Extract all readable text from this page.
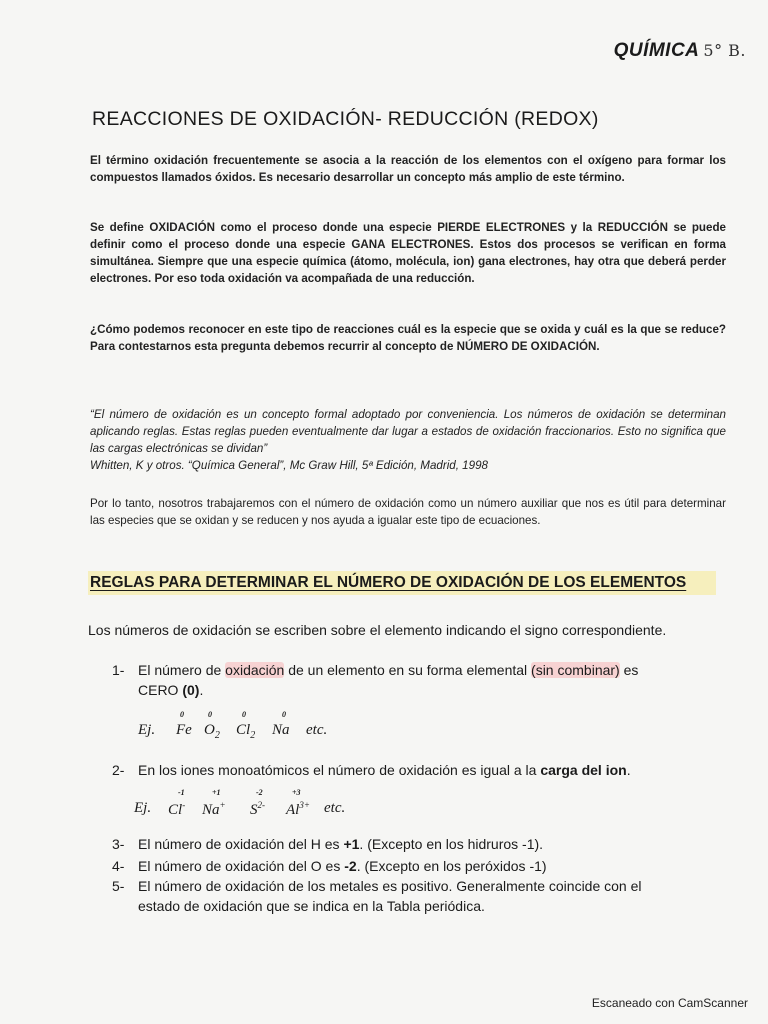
QUÍMICA 5° B.
REACCIONES DE OXIDACIÓN- REDUCCIÓN (REDOX)

El término oxidación frecuentemente se asocia a la reacción de los elementos con el oxígeno para formar los compuestos llamados óxidos. Es necesario desarrollar un concepto más amplio de este término.

Se define OXIDACIÓN como el proceso donde una especie PIERDE ELECTRONES y la REDUCCIÓN se puede definir como el proceso donde una especie GANA ELECTRONES. Estos dos procesos se verifican en forma simultánea. Siempre que una especie química (átomo, molécula, ion) gana electrones, hay otra que deberá perder electrones. Por eso toda oxidación va acompañada de una reducción.

¿Cómo podemos reconocer en este tipo de reacciones cuál es la especie que se oxida y cuál es la que se reduce? Para contestarnos esta pregunta debemos recurrir al concepto de NÚMERO DE OXIDACIÓN.

“El número de oxidación es un concepto formal adoptado por conveniencia. Los números de oxidación se determinan aplicando reglas. Estas reglas pueden eventualmente dar lugar a estados de oxidación fraccionarios. Esto no significa que las cargas electrónicas se dividan”
Whitten, K y otros. “Química General”, Mc Graw Hill, 5ª Edición, Madrid, 1998

Por lo tanto, nosotros trabajaremos con el número de oxidación como un número auxiliar que nos es útil para determinar las especies que se oxidan y se reducen y nos ayuda a igualar este tipo de ecuaciones.

REGLAS PARA DETERMINAR EL NÚMERO DE OXIDACIÓN DE LOS ELEMENTOS

Los números de oxidación se escriben sobre el elemento indicando el signo correspondiente.

1- El número de oxidación de un elemento en su forma elemental (sin combinar) es
CERO (0).
Ej.
0
Fe
0
$O_2$
0
$Cl_2$
0
Na etc.
2- En los iones monoatómicos el número de oxidación es igual a la carga del ion.
Ej.
-1
Cl-
+1
Na+
-2
$S^{2-}$
+3
$Al^{3+}$ etc.
3- El número de oxidación del H es +1. (Excepto en los hidruros -1).
4- El número de oxidación del O es -2. (Excepto en los peróxidos -1)
5- El número de oxidación de los metales es positivo. Generalmente coincide con el
estado de oxidación que se indica en la Tabla periódica.
Escaneado con CamScanner
